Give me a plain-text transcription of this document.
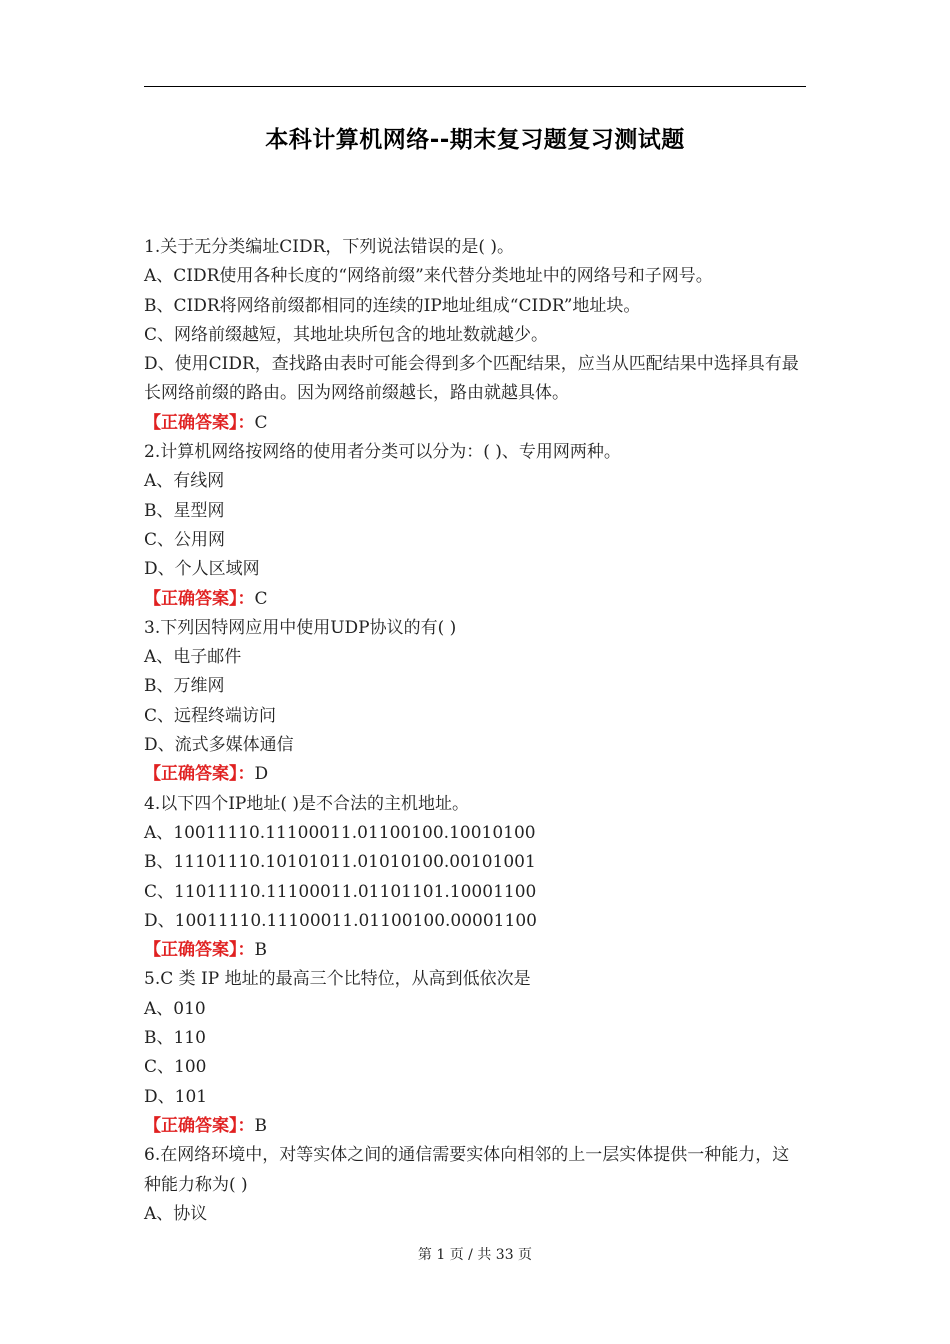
本科计算机网络--期末复习题复习测试题
1.关于无分类编址CIDR，下列说法错误的是( )。
A、CIDR使用各种长度的“网络前缀”来代替分类地址中的网络号和子网号。
B、CIDR将网络前缀都相同的连续的IP地址组成“CIDR”地址块。
C、网络前缀越短，其地址块所包含的地址数就越少。
D、使用CIDR，查找路由表时可能会得到多个匹配结果，应当从匹配结果中选择具有最长网络前缀的路由。因为网络前缀越长，路由就越具体。
【正确答案】：C
2.计算机网络按网络的使用者分类可以分为：( )、专用网两种。
A、有线网
B、星型网
C、公用网
D、个人区域网
【正确答案】：C
3.下列因特网应用中使用UDP协议的有( )
A、电子邮件
B、万维网
C、远程终端访问
D、流式多媒体通信
【正确答案】：D
4.以下四个IP地址( )是不合法的主机地址。
A、10011110.11100011.01100100.10010100
B、11101110.10101011.01010100.00101001
C、11011110.11100011.01101101.10001100
D、10011110.11100011.01100100.00001100
【正确答案】：B
5.C 类 IP 地址的最高三个比特位，从高到低依次是
A、010
B、110
C、100
D、101
【正确答案】：B
6.在网络环境中，对等实体之间的通信需要实体向相邻的上一层实体提供一种能力，这种能力称为( )
A、协议
第 1 页 / 共 33 页
